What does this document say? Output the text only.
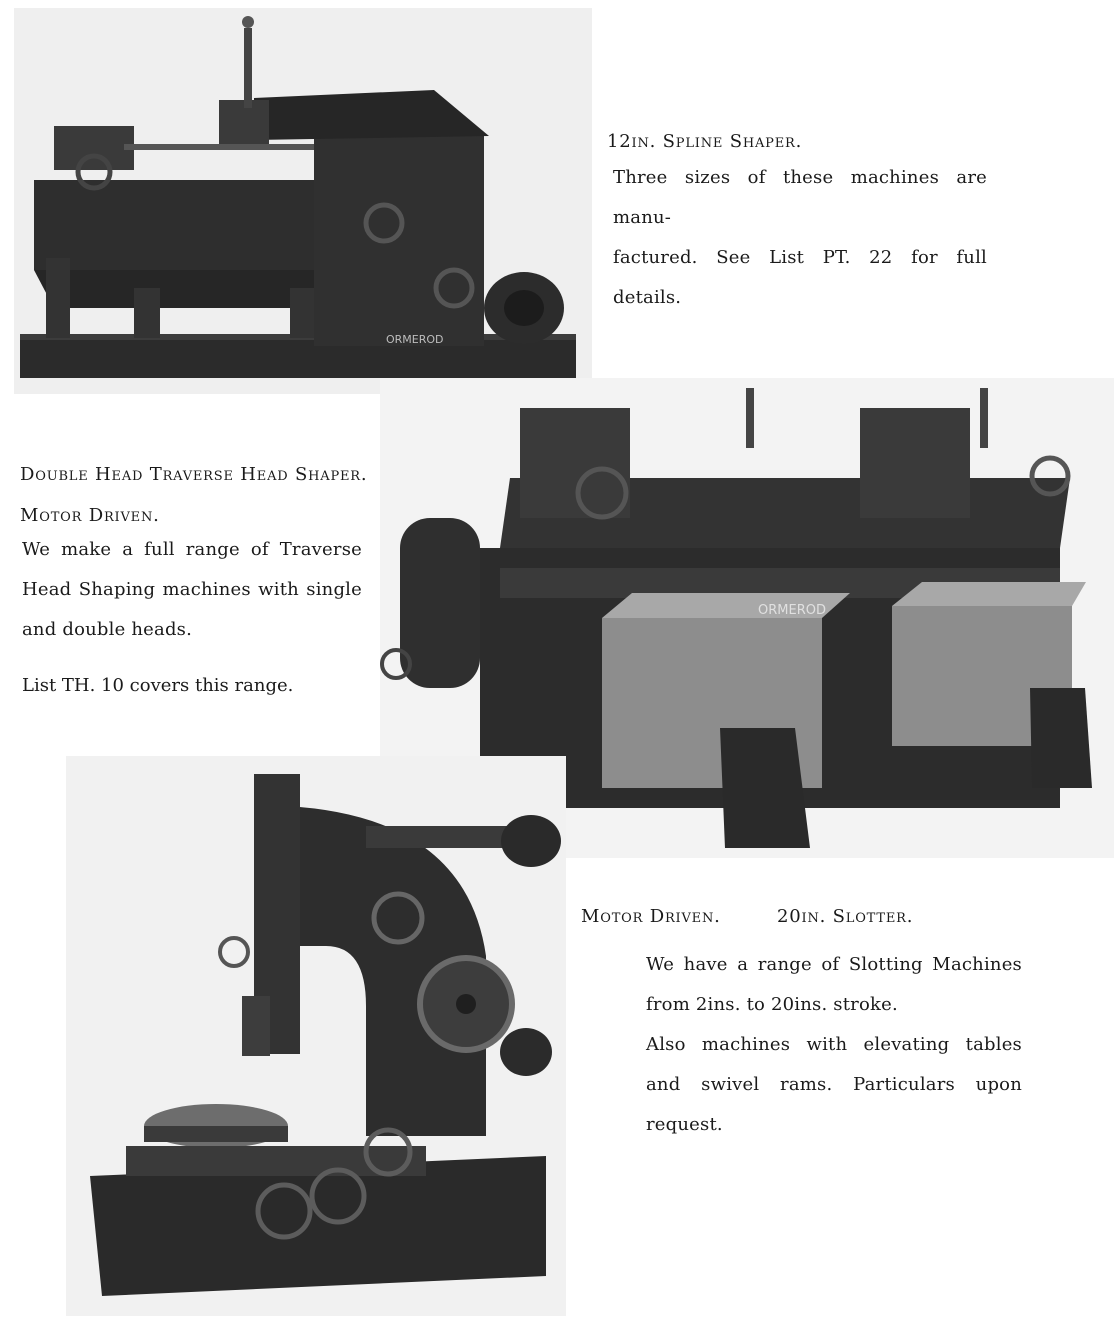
ORMEROD
12in. Spline Shaper.
Three sizes of these machines are manu-
factured. See List PT. 22 for full
details.
ORMEROD
Double Head Traverse Head Shaper.
Motor Driven.
We make a full range of Traverse
Head Shaping machines with single
and double heads.
List TH. 10 covers this range.
Motor Driven.	20in. Slotter.
We have a range of Slotting Machines
from 2ins. to 20ins. stroke.
Also machines with elevating tables
and swivel rams. Particulars upon
request.
